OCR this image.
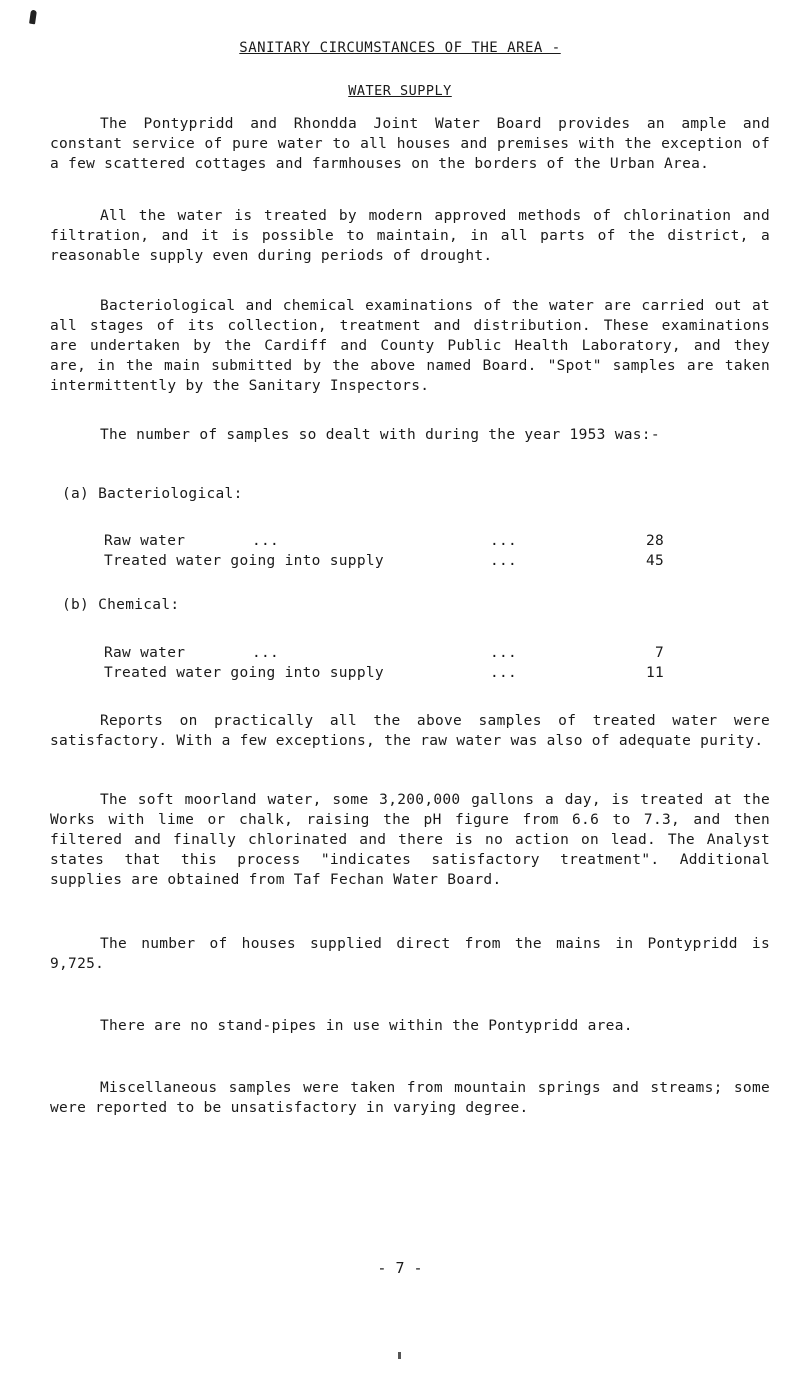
SANITARY CIRCUMSTANCES OF THE AREA -
WATER SUPPLY
The Pontypridd and Rhondda Joint Water Board provides an ample and constant service of pure water to all houses and premises with the exception of a few scattered cottages and farmhouses on the borders of the Urban Area.
All the water is treated by modern approved methods of chlorination and filtration, and it is possible to maintain, in all parts of the district, a reasonable supply even during periods of drought.
Bacteriological and chemical examinations of the water are carried out at all stages of its collection, treatment and distribution. These examinations are undertaken by the Cardiff and County Public Health Laboratory, and they are, in the main submitted by the above named Board. "Spot" samples are taken intermittently by the Sanitary Inspectors.
The number of samples so dealt with during the year 1953 was:-
(a) Bacteriological:
Raw water	...	...	28
Treated water going into supply	...	45
(b) Chemical:
Raw water	...	...	7
Treated water going into supply	...	11
Reports on practically all the above samples of treated water were satisfactory. With a few exceptions, the raw water was also of adequate purity.
The soft moorland water, some 3,200,000 gallons a day, is treated at the Works with lime or chalk, raising the pH figure from 6.6 to 7.3, and then filtered and finally chlorinated and there is no action on lead. The Analyst states that this process "indicates satisfactory treatment". Additional supplies are obtained from Taf Fechan Water Board.
The number of houses supplied direct from the mains in Pontypridd is 9,725.
There are no stand-pipes in use within the Pontypridd area.
Miscellaneous samples were taken from mountain springs and streams; some were reported to be unsatisfactory in varying degree.
- 7 -
